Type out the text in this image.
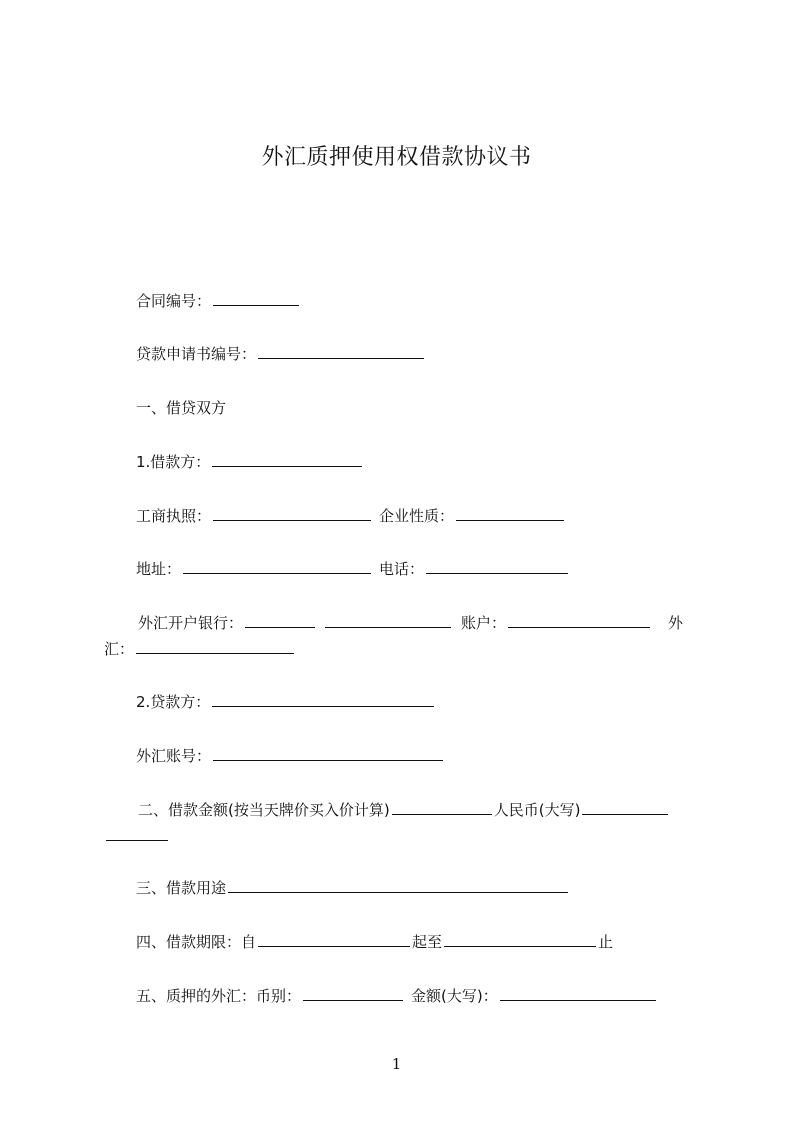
外汇质押使用权借款协议书
合同编号：
贷款申请书编号：
一、借贷双方
1.借款方：
工商执照：	企业性质：
地址：	电话：
外汇开户银行：	账户：	外
汇：
2.贷款方：
外汇账号：
二、借款金额(按当天牌价买入价计算)	人民币(大写)
三、借款用途
四、借款期限：自	起至	止
五、质押的外汇：币别：	金额(大写)：
1
